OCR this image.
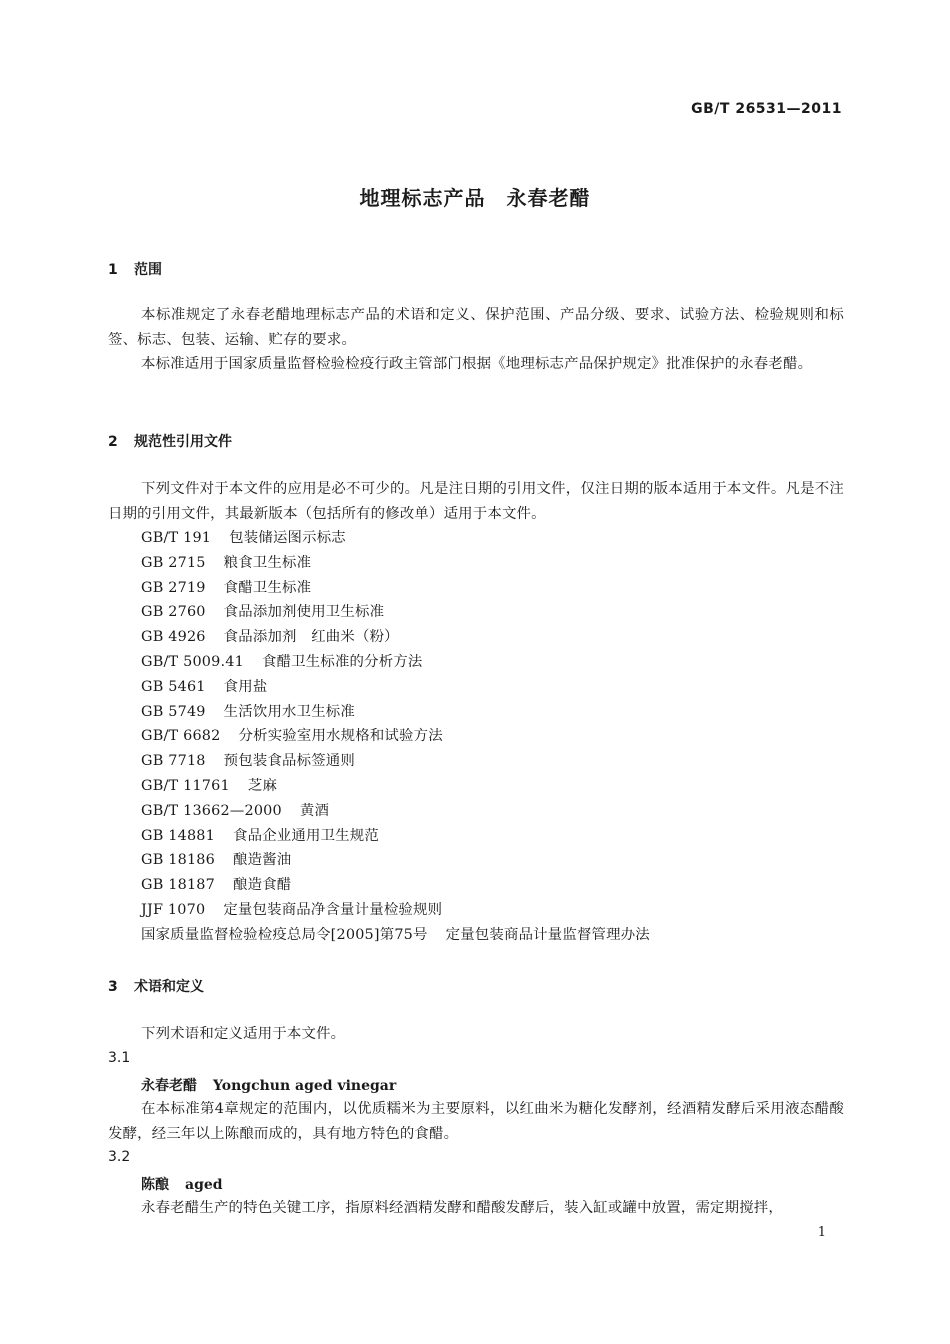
GB/T 26531—2011
地理标志产品　永春老醋
1 范围

本标准规定了永春老醋地理标志产品的术语和定义、保护范围、产品分级、要求、试验方法、检验规则和标签、标志、包装、运输、贮存的要求。

本标准适用于国家质量监督检验检疫行政主管部门根据《地理标志产品保护规定》批准保护的永春老醋。

2 规范性引用文件

下列文件对于本文件的应用是必不可少的。凡是注日期的引用文件，仅注日期的版本适用于本文件。凡是不注日期的引用文件，其最新版本（包括所有的修改单）适用于本文件。

GB/T 191 包装储运图示标志
GB 2715 粮食卫生标准
GB 2719 食醋卫生标准
GB 2760 食品添加剂使用卫生标准
GB 4926 食品添加剂　红曲米（粉）
GB/T 5009.41 食醋卫生标准的分析方法
GB 5461 食用盐
GB 5749 生活饮用水卫生标准
GB/T 6682 分析实验室用水规格和试验方法
GB 7718 预包装食品标签通则
GB/T 11761 芝麻
GB/T 13662—2000 黄酒
GB 14881 食品企业通用卫生规范
GB 18186 酿造酱油
GB 18187 酿造食醋
JJF 1070 定量包装商品净含量计量检验规则
国家质量监督检验检疫总局令[2005]第75号 定量包装商品计量监督管理办法
3 术语和定义

下列术语和定义适用于本文件。

3.1
永春老醋 Yongchun aged vinegar

在本标准第4章规定的范围内，以优质糯米为主要原料，以红曲米为糖化发酵剂，经酒精发酵后采用液态醋酸发酵，经三年以上陈酿而成的，具有地方特色的食醋。

3.2
陈酿 aged

永春老醋生产的特色关键工序，指原料经酒精发酵和醋酸发酵后，装入缸或罐中放置，需定期搅拌，

1
